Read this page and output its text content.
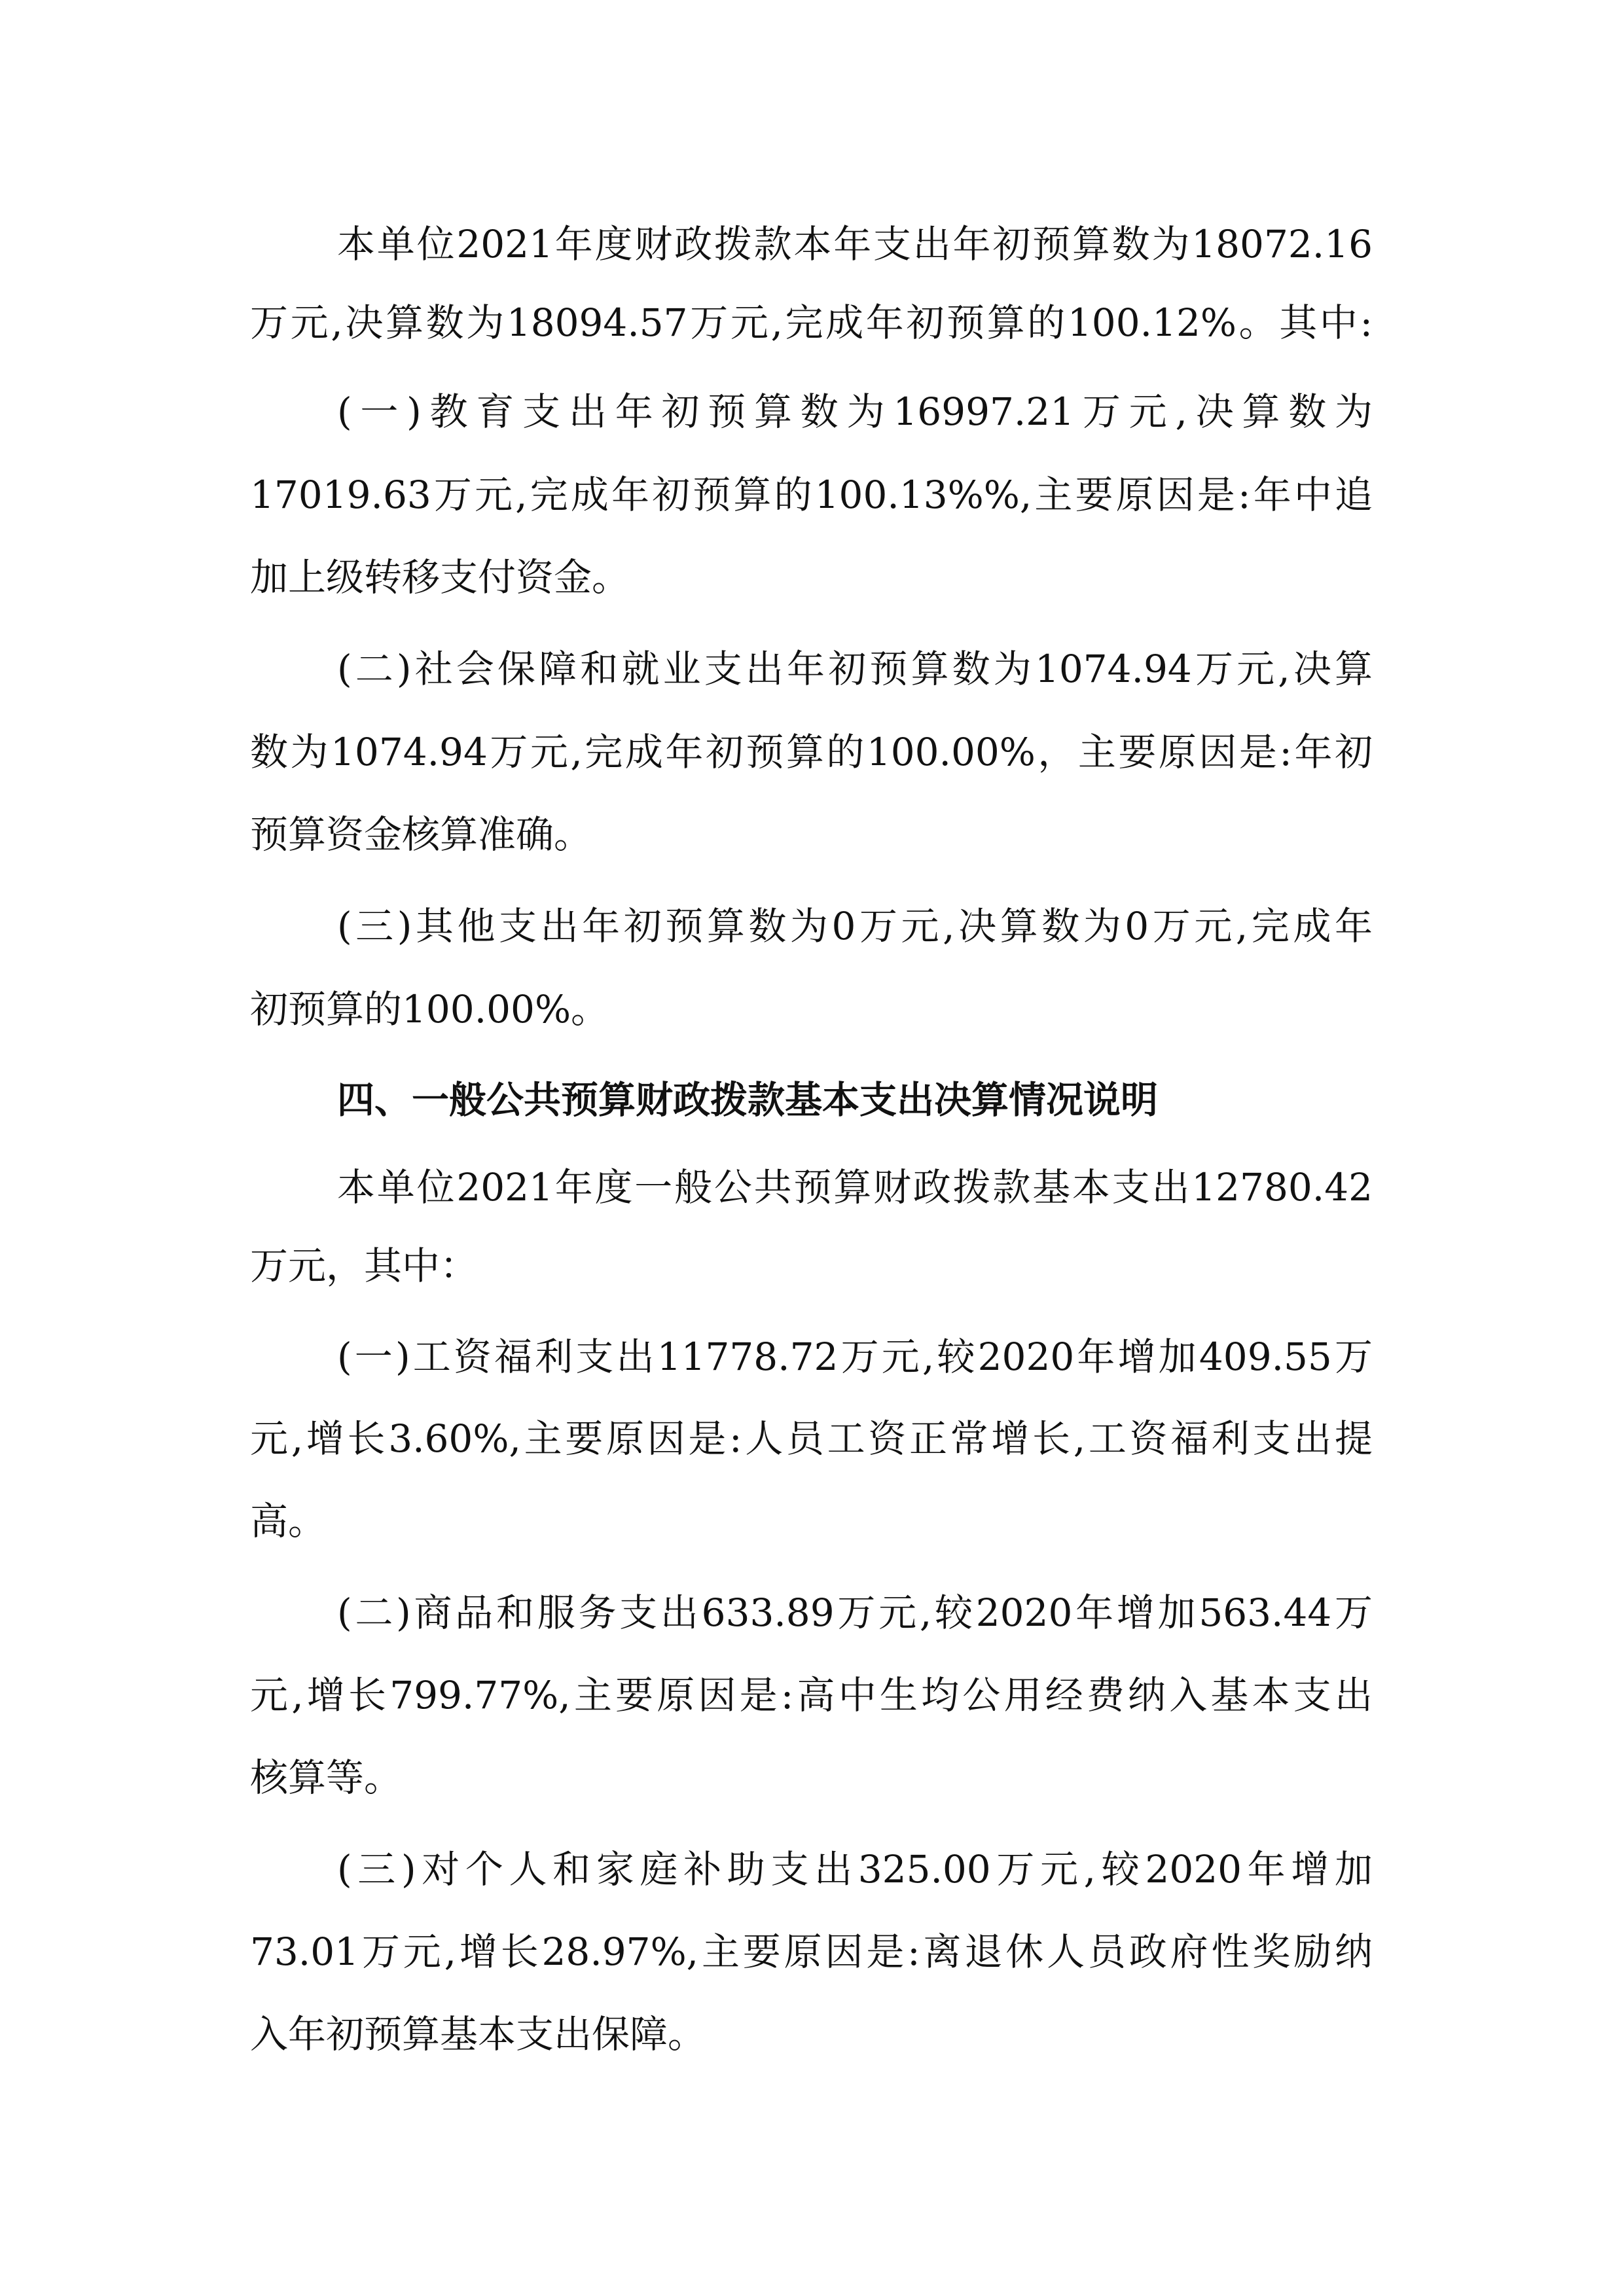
本单位2021年度财政拨款本年支出年初预算数为18072.16
万元,决算数为18094.57万元,完成年初预算的100.12%。其中:
(一)教育支出年初预算数为16997.21万元,决算数为
17019.63万元,完成年初预算的100.13%%,主要原因是:年中追
加上级转移支付资金。
(二)社会保障和就业支出年初预算数为1074.94万元,决算
数为1074.94万元,完成年初预算的100.00%，主要原因是:年初
预算资金核算准确。
(三)其他支出年初预算数为0万元,决算数为0万元,完成年
初预算的100.00%。
四、一般公共预算财政拨款基本支出决算情况说明
本单位2021年度一般公共预算财政拨款基本支出12780.42
万元，其中：
(一)工资福利支出11778.72万元,较2020年增加409.55万
元,增长3.60%,主要原因是:人员工资正常增长,工资福利支出提
高。
(二)商品和服务支出633.89万元,较2020年增加563.44万
元,增长799.77%,主要原因是:高中生均公用经费纳入基本支出
核算等。
(三)对个人和家庭补助支出325.00万元,较2020年增加
73.01万元,增长28.97%,主要原因是:离退休人员政府性奖励纳
入年初预算基本支出保障。
